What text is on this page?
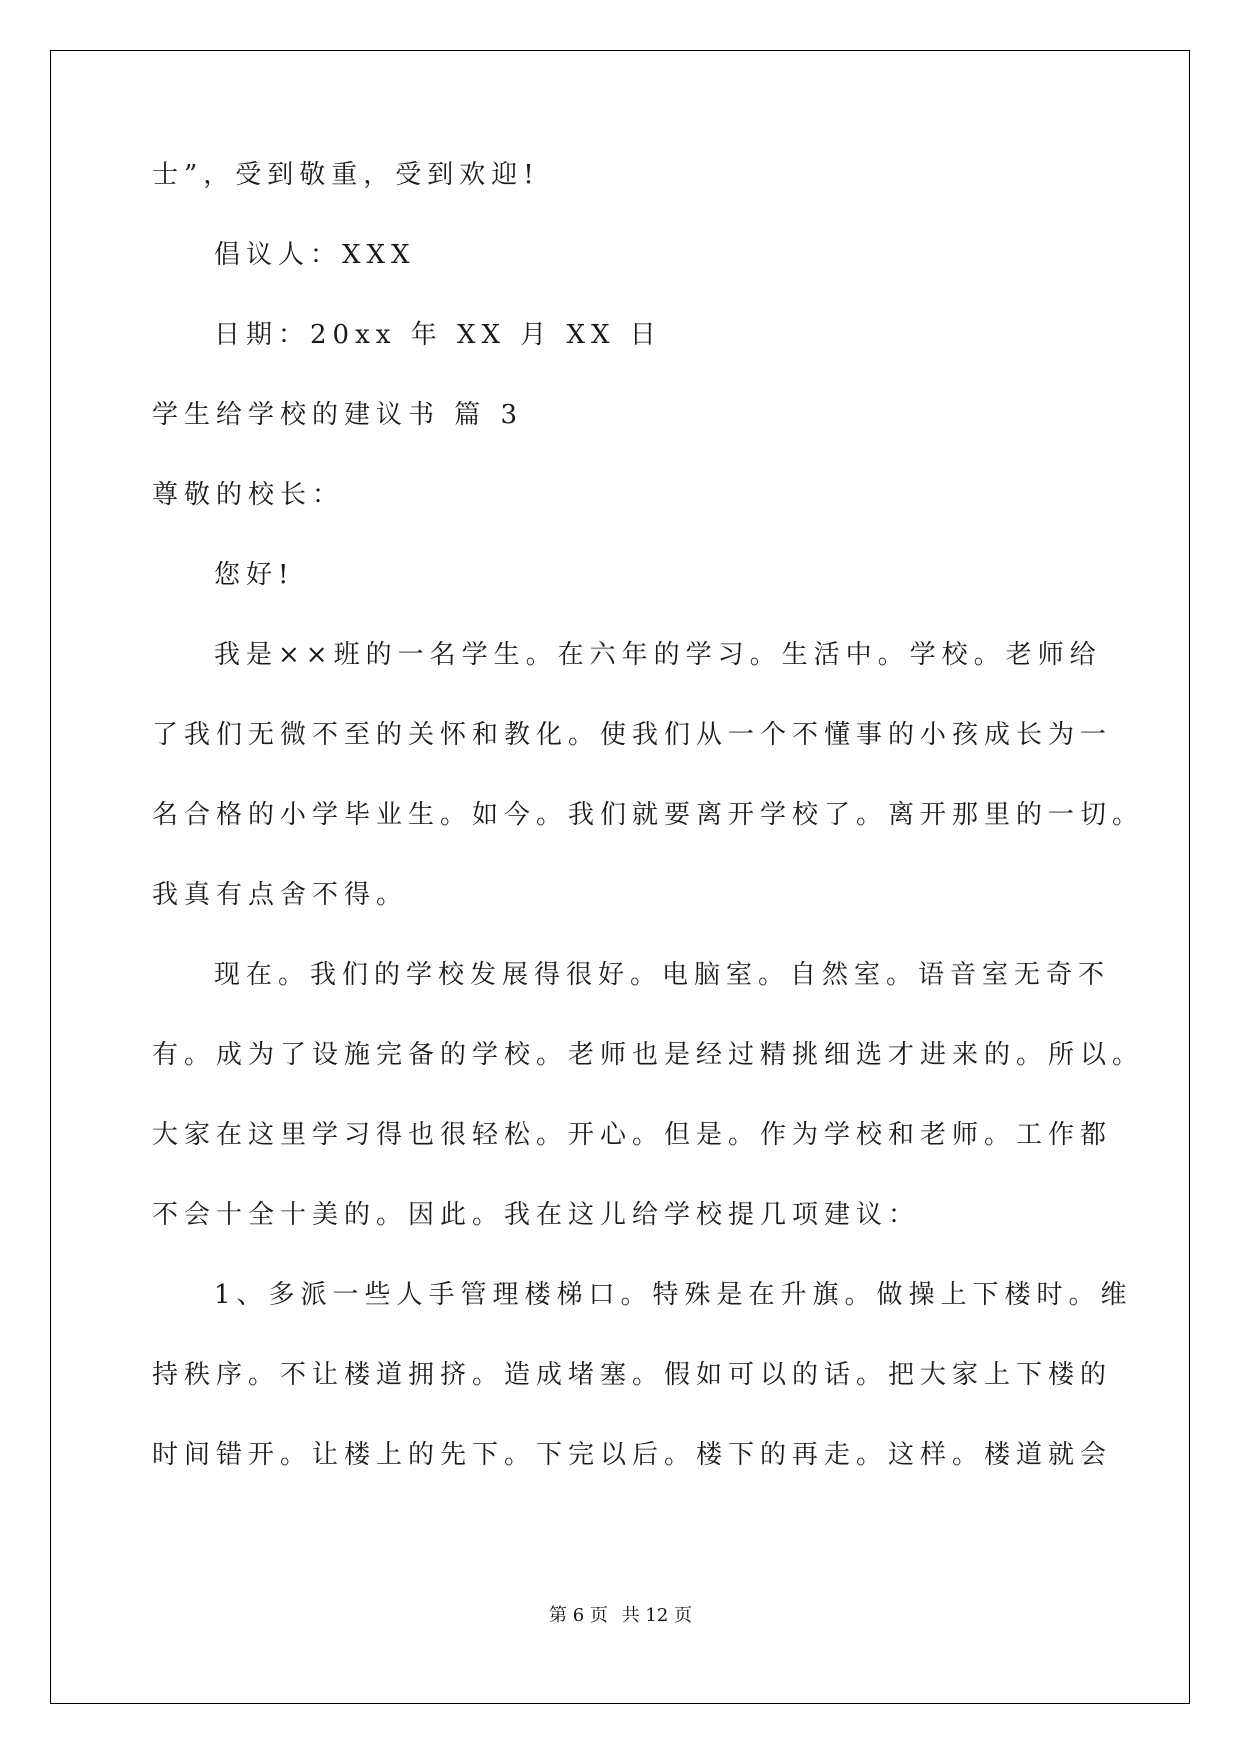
士”，受到敬重，受到欢迎!
倡议人：XXX
日期：20xx 年 XX 月 XX 日
学生给学校的建议书 篇 3
尊敬的校长：
您好!
我是××班的一名学生。在六年的学习。生活中。学校。老师给
了我们无微不至的关怀和教化。使我们从一个不懂事的小孩成长为一
名合格的小学毕业生。如今。我们就要离开学校了。离开那里的一切。
我真有点舍不得。
现在。我们的学校发展得很好。电脑室。自然室。语音室无奇不
有。成为了设施完备的学校。老师也是经过精挑细选才进来的。所以。
大家在这里学习得也很轻松。开心。但是。作为学校和老师。工作都
不会十全十美的。因此。我在这儿给学校提几项建议：
1、多派一些人手管理楼梯口。特殊是在升旗。做操上下楼时。维
持秩序。不让楼道拥挤。造成堵塞。假如可以的话。把大家上下楼的
时间错开。让楼上的先下。下完以后。楼下的再走。这样。楼道就会
第 6 页 共 12 页
